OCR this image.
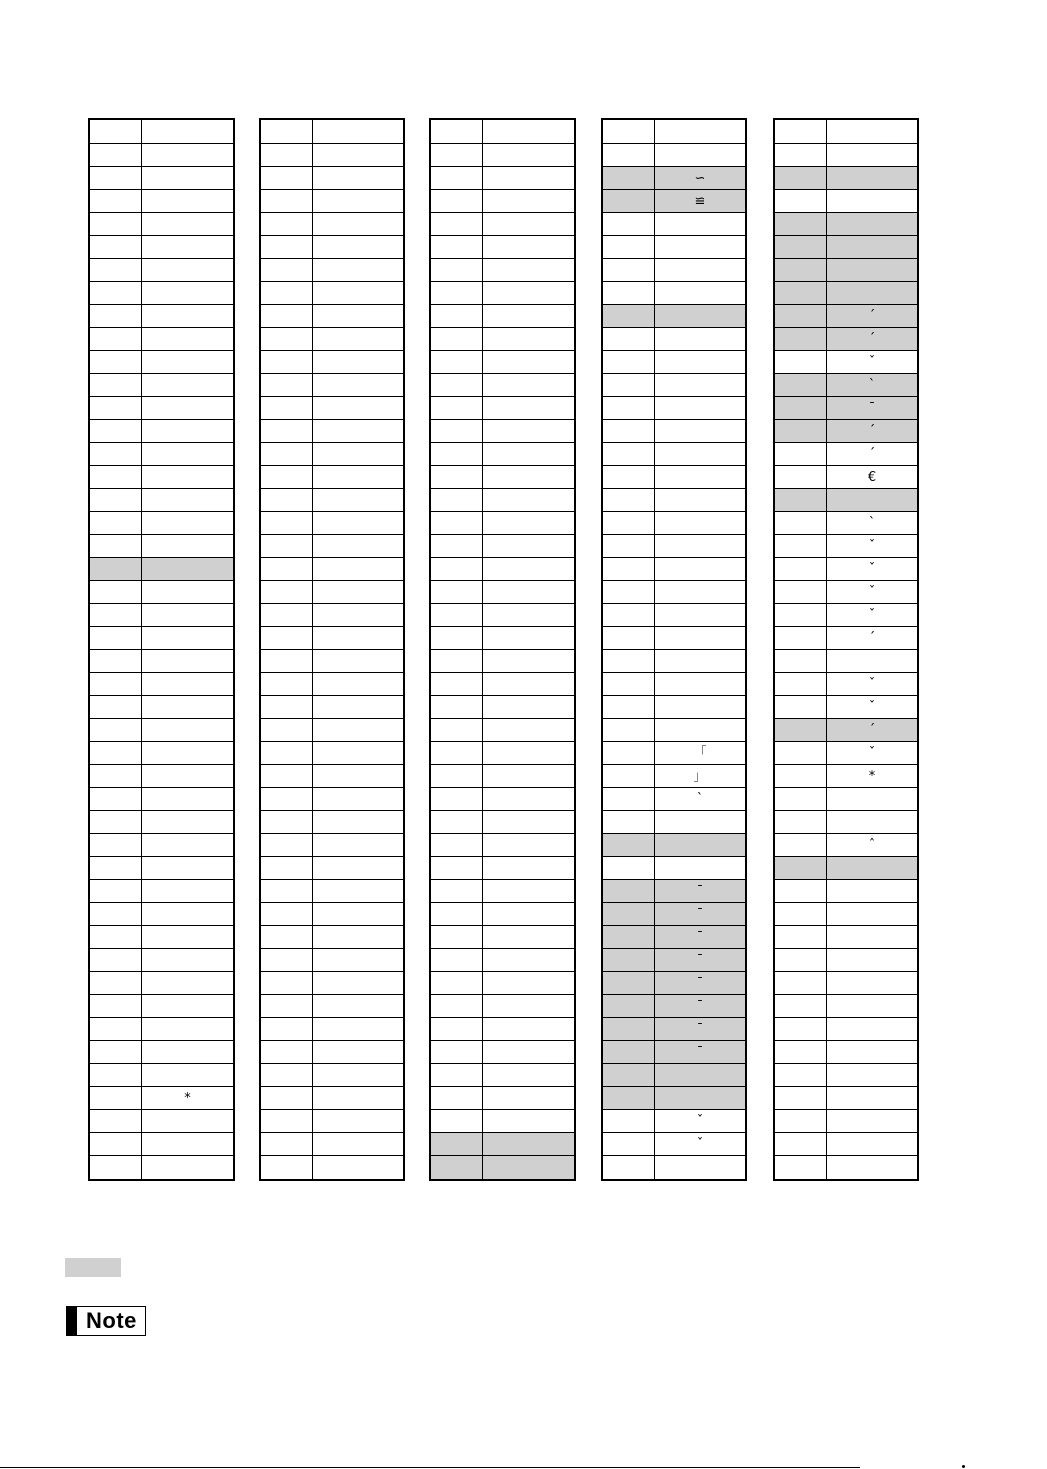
*
∽
≌
「
」
ˋ
ˉ
ˉ
ˉ
ˉ
ˉ
ˉ
ˉ
ˉ
ˇ
ˇ
ˊ
ˊ
ˇ
ˋ
ˉ
ˊ
ˊ
€
ˋ
ˇ
ˇ
ˇ
ˇ
ˊ
ˇ
ˇ
ˊ
ˇ
*
ˆ
Note
